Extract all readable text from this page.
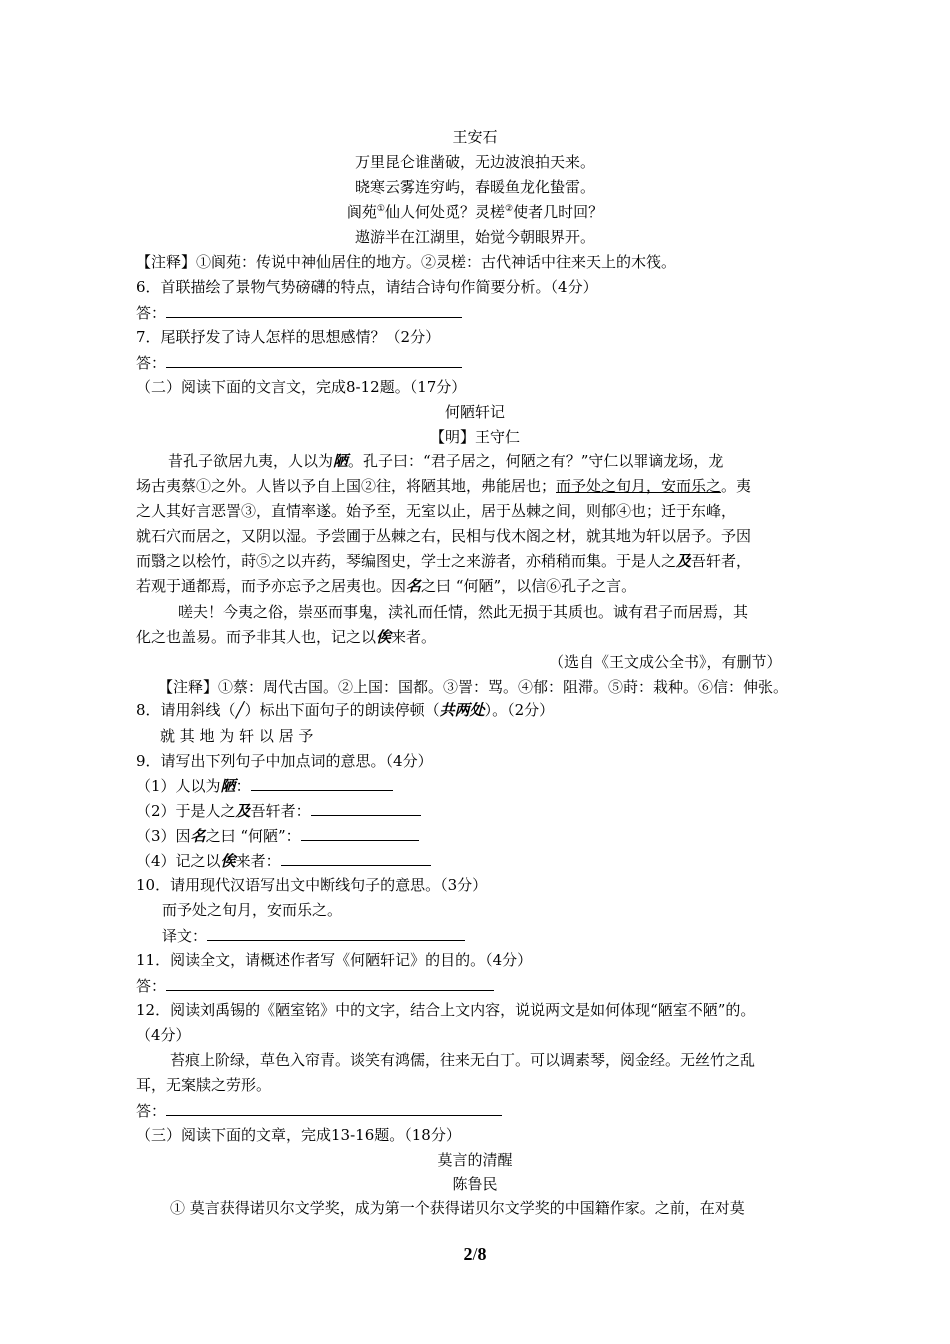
王安石
万里昆仑谁凿破，无边波浪拍天来。
晓寒云雾连穷屿，春暖鱼龙化蛰雷。
阆苑①仙人何处觅？灵槎②使者几时回？
遨游半在江湖里，始觉今朝眼界开。
【注释】①阆苑：传说中神仙居住的地方。②灵槎：古代神话中往来天上的木筏。
6．首联描绘了景物气势磅礴的特点，请结合诗句作简要分析。（4分）
答：
7．尾联抒发了诗人怎样的思想感情？（2分）
答：
（二）阅读下面的文言文，完成8-12题。（17分）
何陋轩记
【明】王守仁
昔孔子欲居九夷，人以为陋。孔子曰：“君子居之，何陋之有？”守仁以罪谪龙场，龙
场古夷蔡①之外。人皆以予自上国②往，将陋其地，弗能居也；而予处之旬月，安而乐之。夷
之人其好言恶詈③，直情率遂。始予至，无室以止，居于丛棘之间，则郁④也；迁于东峰，
就石穴而居之，又阴以湿。予尝圃于丛棘之右，民相与伐木阁之材，就其地为轩以居予。予因
而翳之以桧竹，莳⑤之以卉药，琴编图史，学士之来游者，亦稍稍而集。于是人之及吾轩者，
若观于通都焉，而予亦忘予之居夷也。因名之曰 “何陋”，以信⑥孔子之言。
嗟夫！今夷之俗，崇巫而事鬼，渎礼而任情，然此无损于其质也。诚有君子而居焉，其
化之也盖易。而予非其人也，记之以俟来者。
（选自《王文成公全书》，有删节）
【注释】①蔡：周代古国。②上国：国都。③詈：骂。④郁：阻滞。⑤莳：栽种。⑥信：伸张。
8．请用斜线（╱）标出下面句子的朗读停顿（共两处）。（2分）
就 其 地 为 轩 以 居 予
9．请写出下列句子中加点词的意思。（4分）
（1）人以为陋：
（2）于是人之及吾轩者：
（3）因名之曰 “何陋”：
（4）记之以俟来者：
10．请用现代汉语写出文中断线句子的意思。（3分）
而予处之旬月，安而乐之。
译文：
11．阅读全文，请概述作者写《何陋轩记》的目的。（4分）
答：
12．阅读刘禹锡的《陋室铭》中的文字，结合上文内容，说说两文是如何体现“陋室不陋”的。
（4分）
苔痕上阶绿，草色入帘青。谈笑有鸿儒，往来无白丁。可以调素琴，阅金经。无丝竹之乱
耳，无案牍之劳形。
答：
（三）阅读下面的文章，完成13-16题。（18分）
莫言的清醒
陈鲁民
① 莫言获得诺贝尔文学奖，成为第一个获得诺贝尔文学奖的中国籍作家。之前，在对莫
2/8
